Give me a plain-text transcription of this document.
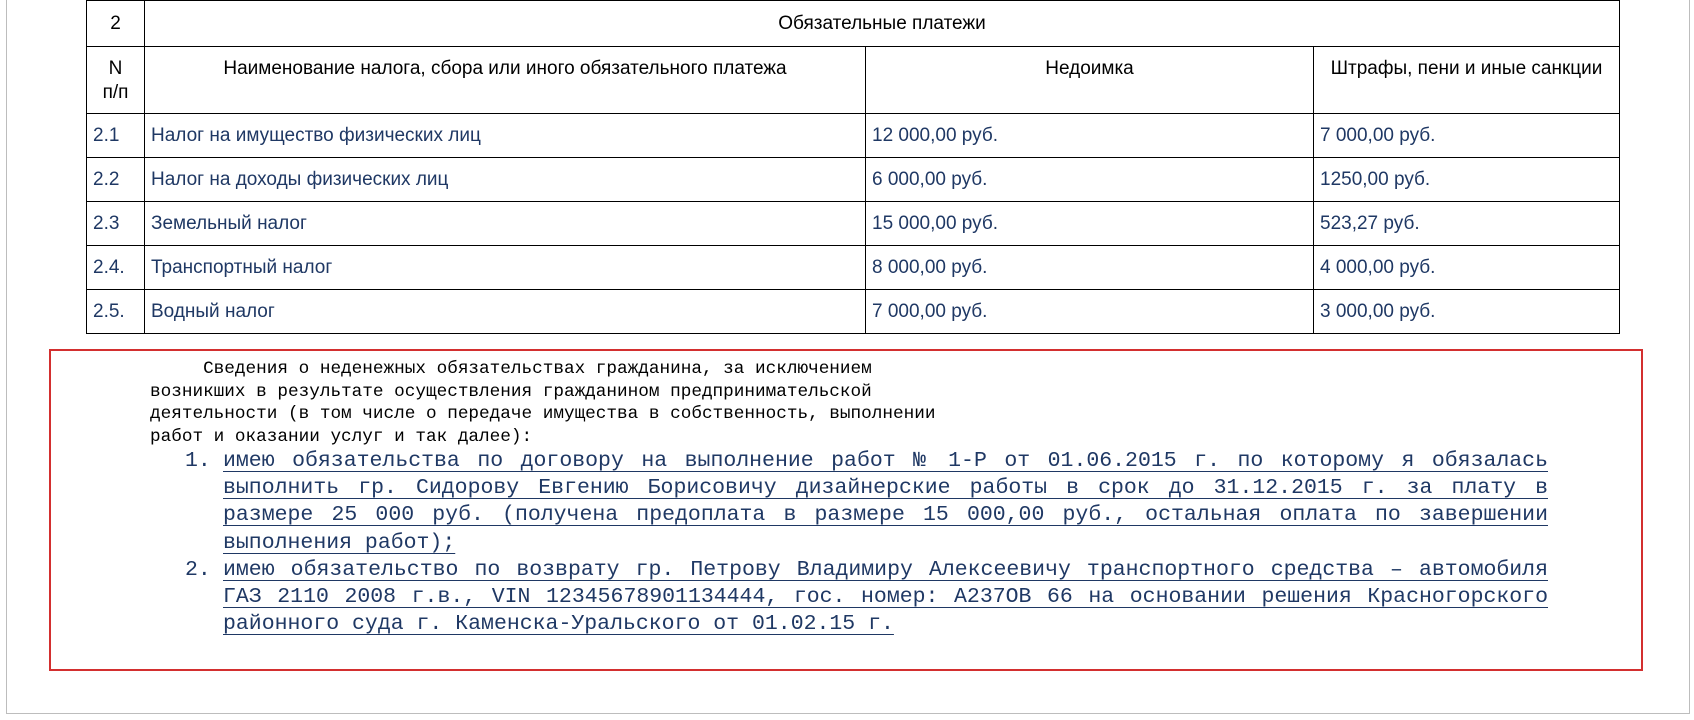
2	Обязательные платежи		

N п/п	Наименование налога, сбора или иного обязательного платежа	Недоимка	Штрафы, пени и иные санкции
2.1	Налог на имущество физических лиц	12 000,00 руб.	7 000,00 руб.
2.2	Налог на доходы физических лиц	6 000,00 руб.	1250,00 руб.
2.3	Земельный налог	15 000,00 руб.	523,27 руб.
2.4.	Транспортный налог	8 000,00 руб.	4 000,00 руб.
2.5.	Водный налог	7 000,00 руб.	3 000,00 руб.
Сведения о неденежных обязательствах гражданина, за исключением
возникших в результате осуществления гражданином предпринимательской
деятельности (в том числе о передаче имущества в собственность, выполнении
работ и оказании услуг и так далее):
1. имею обязательства по договору на выполнение работ № 1-Р от 01.06.2015 г. по которому я обязалась выполнить гр. Сидорову Евгению Борисовичу дизайнерские работы в срок до 31.12.2015 г. за плату в размере 25 000 руб. (получена предоплата в размере 15 000,00 руб., остальная оплата по завершении выполнения работ);
2. имею обязательство по возврату гр. Петрову Владимиру Алексеевичу транспортного средства – автомобиля ГАЗ 2110 2008 г.в., VIN 12345678901134444, гос. номер: А237ОВ 66 на основании решения Красногорского районного суда г. Каменска-Уральского от 01.02.15 г.
